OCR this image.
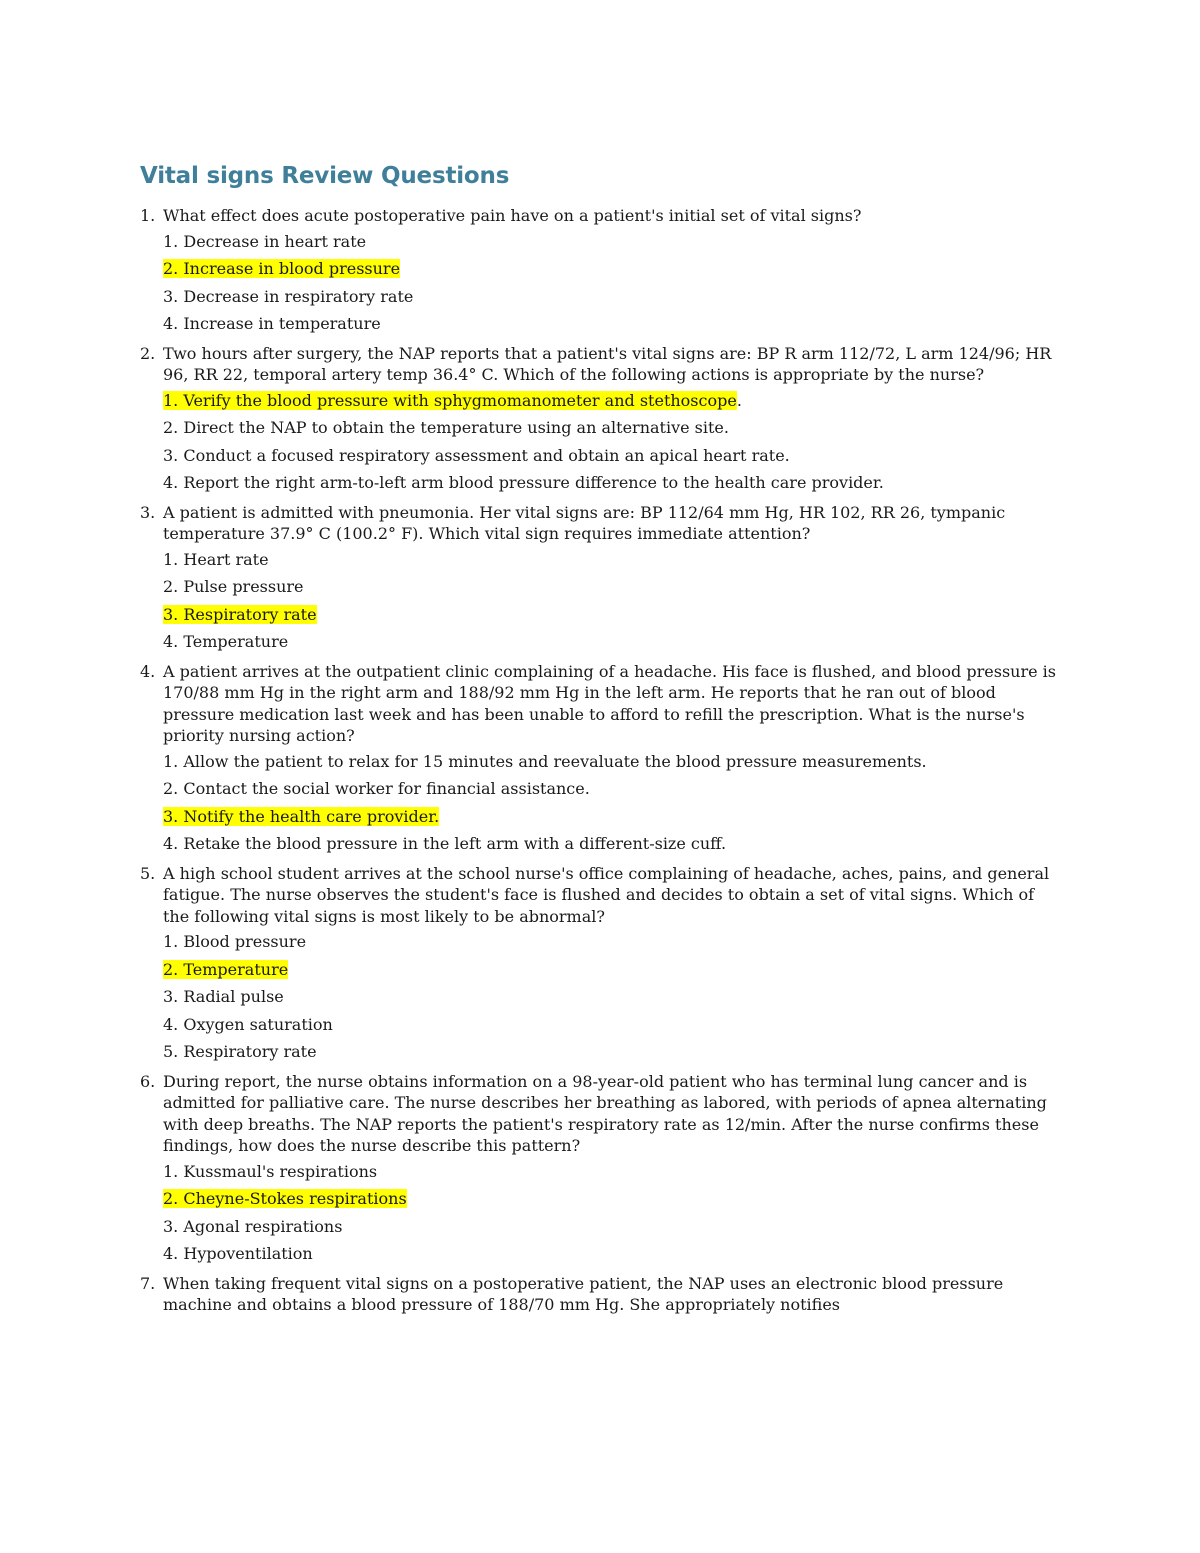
Vital signs Review Questions
1. What effect does acute postoperative pain have on a patient's initial set of vital signs?

1. Decrease in heart rate
2. Increase in blood pressure
3. Decrease in respiratory rate
4. Increase in temperature
2. Two hours after surgery, the NAP reports that a patient's vital signs are: BP R arm 112/72, L arm 124/96; HR 96, RR 22, temporal artery temp 36.4° C. Which of the following actions is appropriate by the nurse?

1. Verify the blood pressure with sphygmomanometer and stethoscope.
2. Direct the NAP to obtain the temperature using an alternative site.
3. Conduct a focused respiratory assessment and obtain an apical heart rate.
4. Report the right arm-to-left arm blood pressure difference to the health care provider.
3. A patient is admitted with pneumonia. Her vital signs are: BP 112/64 mm Hg, HR 102, RR 26, tympanic temperature 37.9° C (100.2° F). Which vital sign requires immediate attention?

1. Heart rate
2. Pulse pressure
3. Respiratory rate
4. Temperature
4. A patient arrives at the outpatient clinic complaining of a headache. His face is flushed, and blood pressure is 170/88 mm Hg in the right arm and 188/92 mm Hg in the left arm. He reports that he ran out of blood pressure medication last week and has been unable to afford to refill the prescription. What is the nurse's priority nursing action?

1. Allow the patient to relax for 15 minutes and reevaluate the blood pressure measurements.
2. Contact the social worker for financial assistance.
3. Notify the health care provider.
4. Retake the blood pressure in the left arm with a different-size cuff.
5. A high school student arrives at the school nurse's office complaining of headache, aches, pains, and general fatigue. The nurse observes the student's face is flushed and decides to obtain a set of vital signs. Which of the following vital signs is most likely to be abnormal?

1. Blood pressure
2. Temperature
3. Radial pulse
4. Oxygen saturation
5. Respiratory rate
6. During report, the nurse obtains information on a 98-year-old patient who has terminal lung cancer and is admitted for palliative care. The nurse describes her breathing as labored, with periods of apnea alternating with deep breaths. The NAP reports the patient's respiratory rate as 12/min. After the nurse confirms these findings, how does the nurse describe this pattern?

1. Kussmaul's respirations
2. Cheyne-Stokes respirations
3. Agonal respirations
4. Hypoventilation
7. When taking frequent vital signs on a postoperative patient, the NAP uses an electronic blood pressure machine and obtains a blood pressure of 188/70 mm Hg. She appropriately notifies
